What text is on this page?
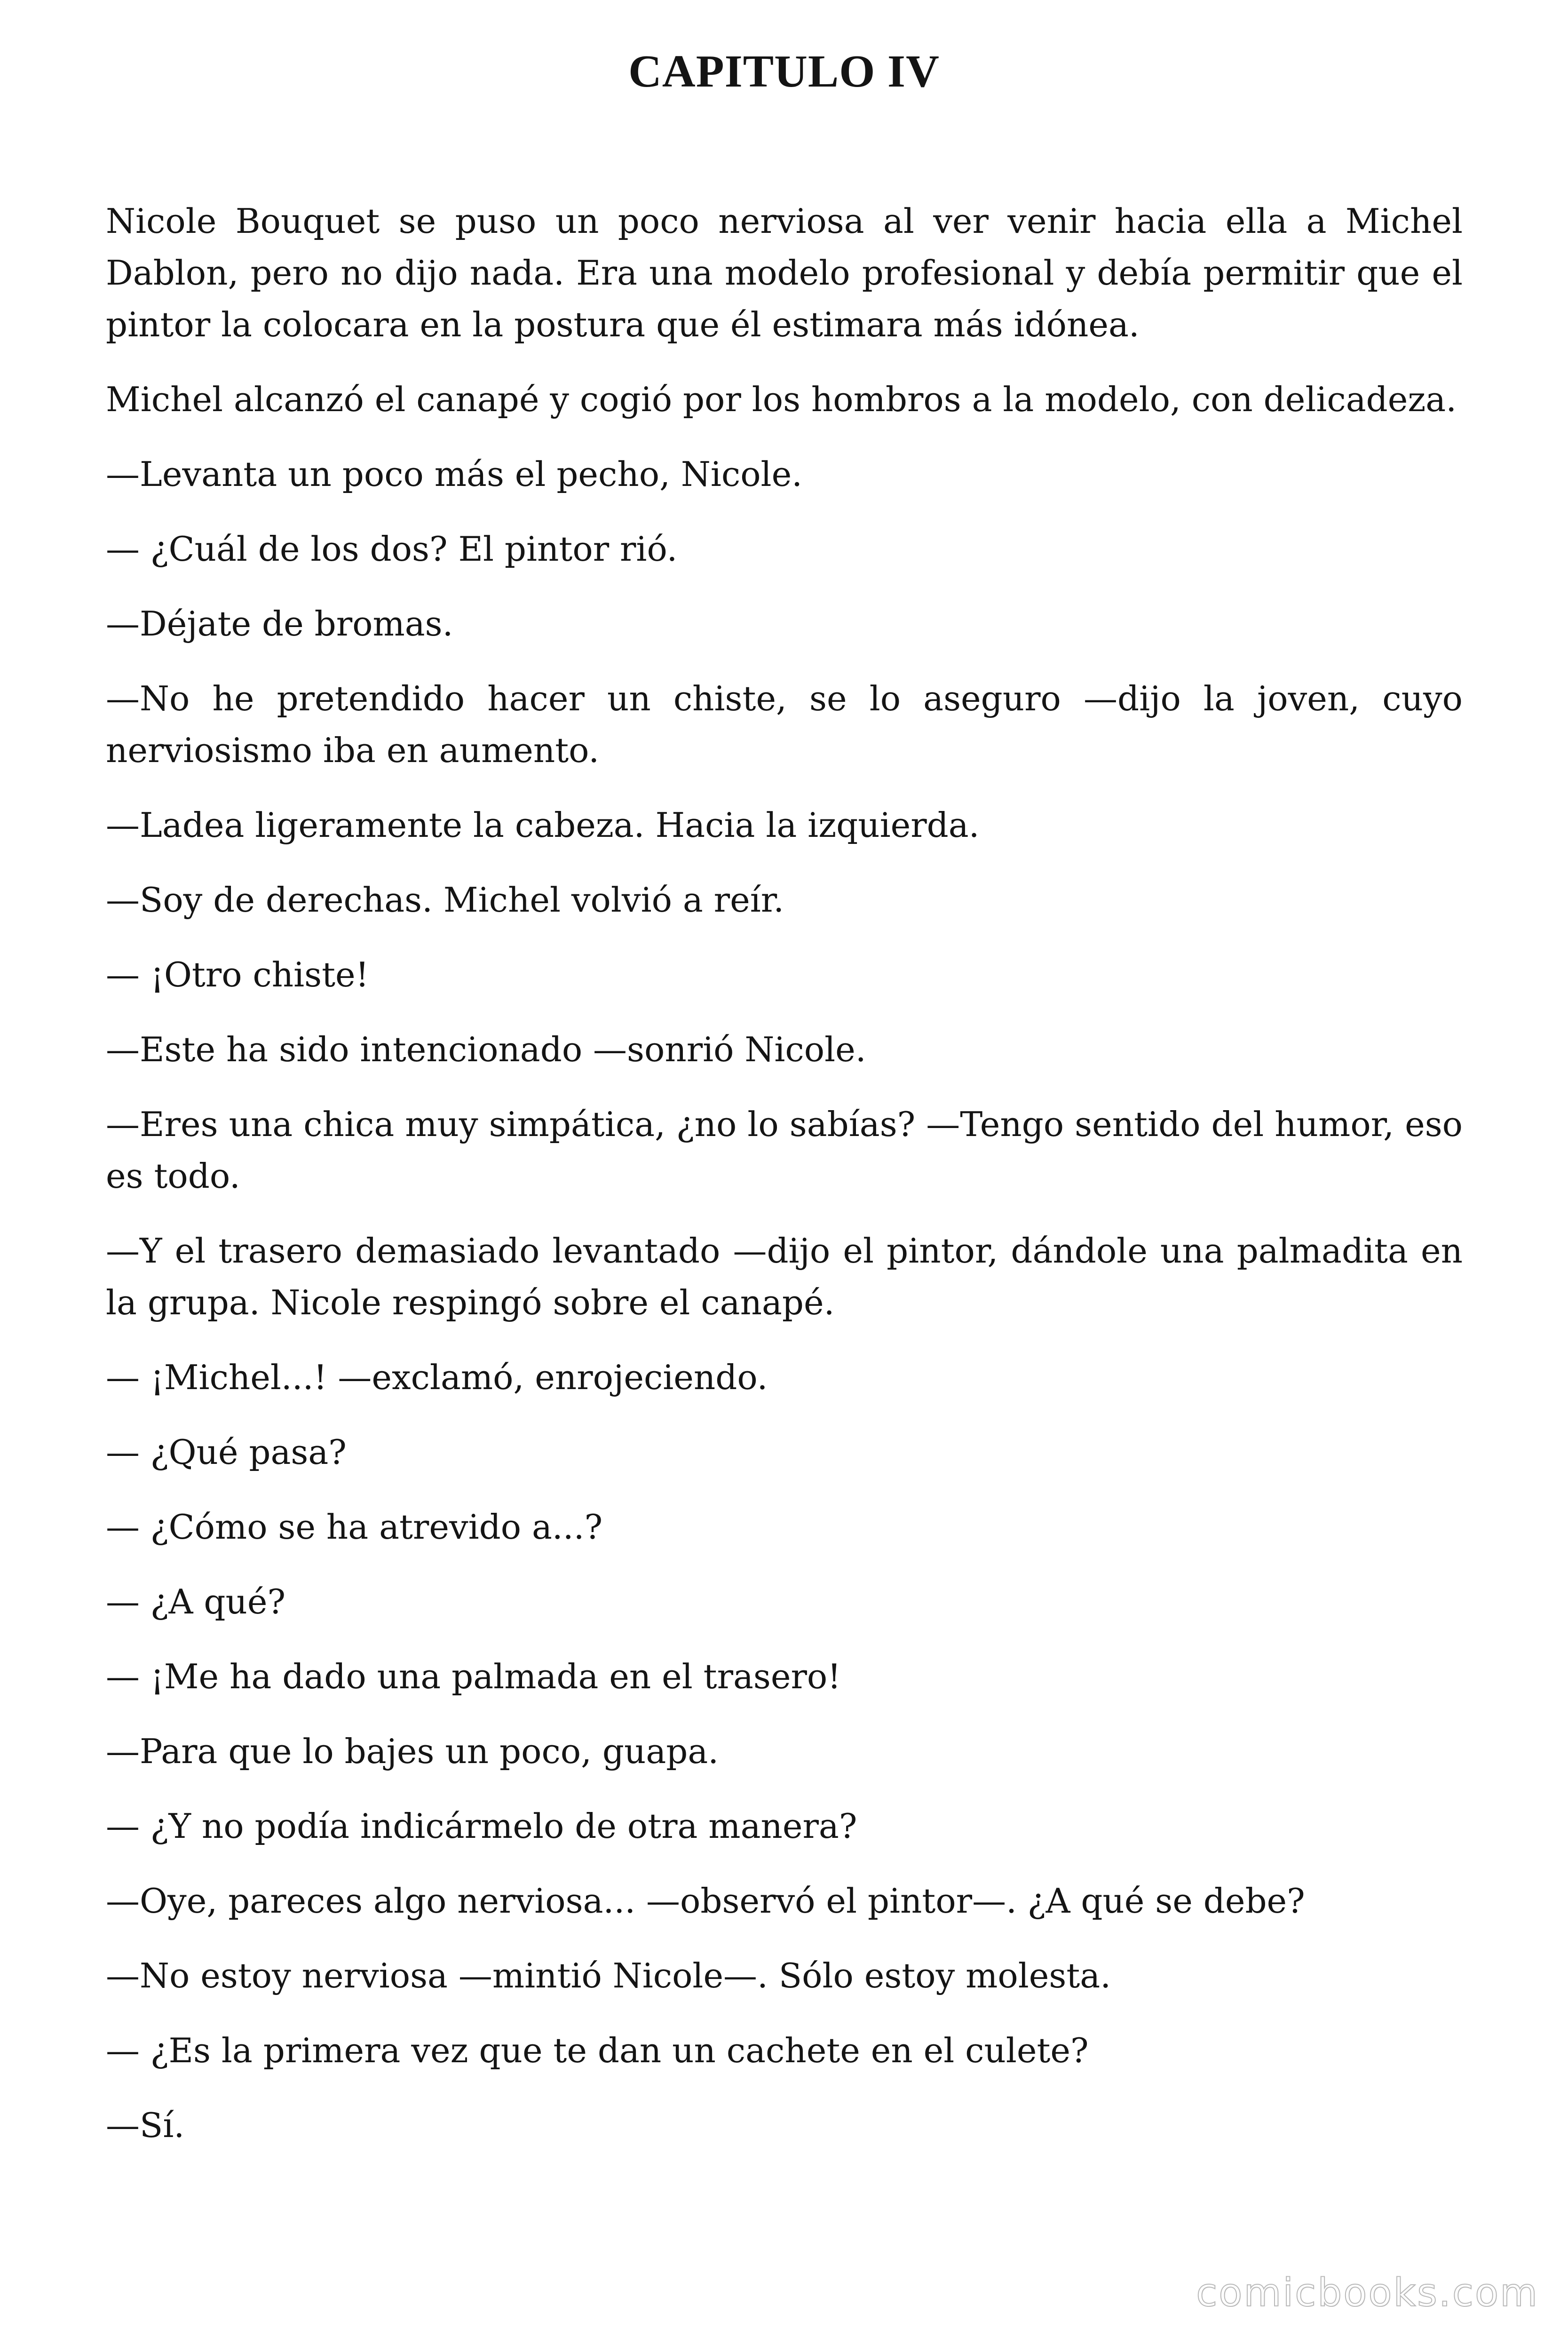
CAPITULO IV

Nicole Bouquet se puso un poco nerviosa al ver venir hacia ella a Michel Dablon, pero no dijo nada. Era una modelo profesional y debía permitir que el pintor la colocara en la postura que él estimara más idónea.

Michel alcanzó el canapé y cogió por los hombros a la modelo, con delicadeza.

—Levanta un poco más el pecho, Nicole.

— ¿Cuál de los dos? El pintor rió.

—Déjate de bromas.

—No he pretendido hacer un chiste, se lo aseguro —dijo la joven, cuyo nerviosismo iba en aumento.

—Ladea ligeramente la cabeza. Hacia la izquierda.

—Soy de derechas. Michel volvió a reír.

— ¡Otro chiste!

—Este ha sido intencionado —sonrió Nicole.

—Eres una chica muy simpática, ¿no lo sabías? —Tengo sentido del humor, eso es todo.

—Y el trasero demasiado levantado —dijo el pintor, dándole una palmadita en la grupa. Nicole respingó sobre el canapé.

— ¡Michel...! —exclamó, enrojeciendo.

— ¿Qué pasa?

— ¿Cómo se ha atrevido a...?

— ¿A qué?

— ¡Me ha dado una palmada en el trasero!

—Para que lo bajes un poco, guapa.

— ¿Y no podía indicármelo de otra manera?

—Oye, pareces algo nerviosa... —observó el pintor—. ¿A qué se debe?

—No estoy nerviosa —mintió Nicole—. Sólo estoy molesta.

— ¿Es la primera vez que te dan un cachete en el culete?

—Sí.

comicbooks.com
